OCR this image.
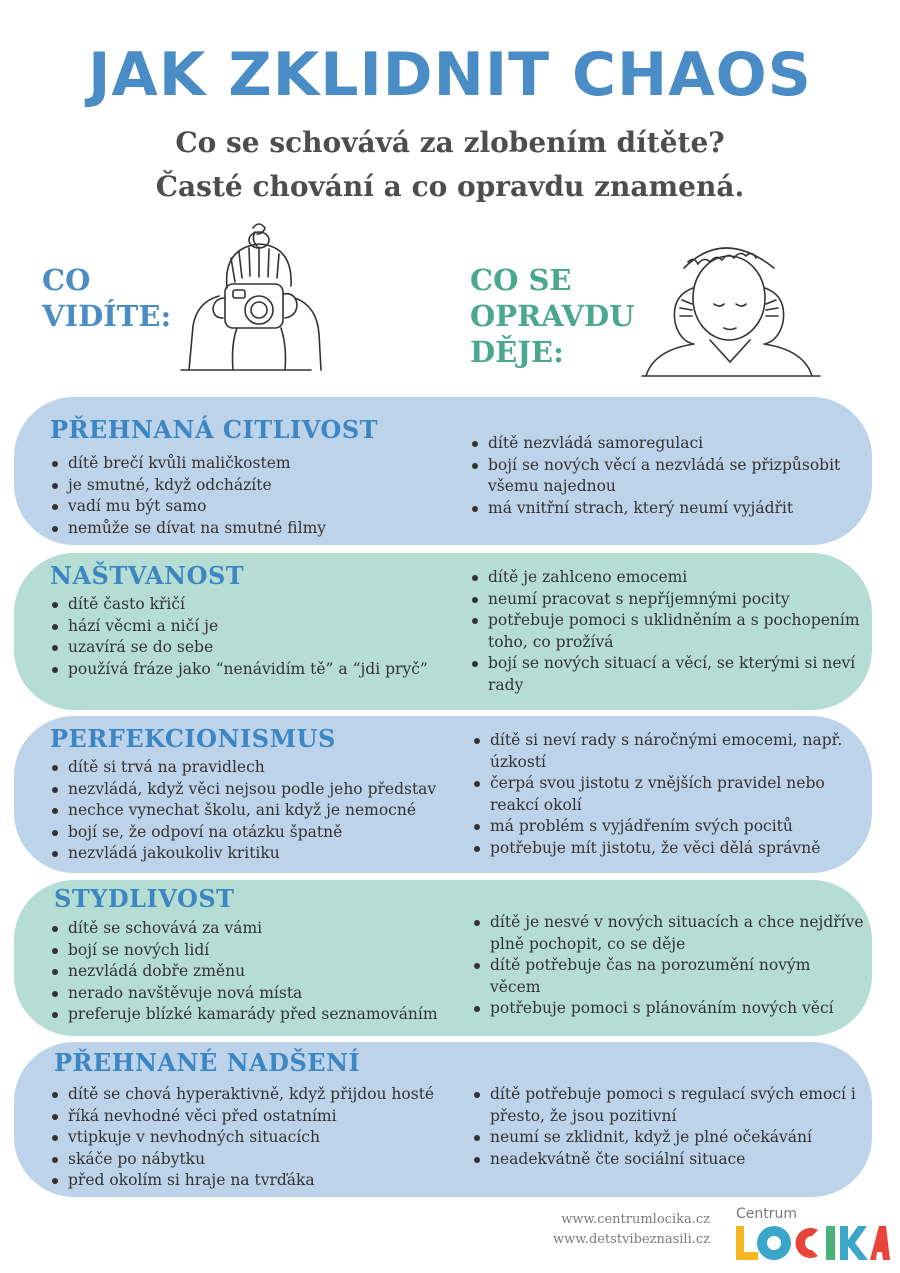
JAK ZKLIDNIT CHAOS
Co se schovává za zlobením dítěte?
Časté chování a co opravdu znamená.
CO
VIDÍTE:
CO SE
OPRAVDU
DĚJE:
PŘEHNANÁ CITLIVOST
dítě brečí kvůli maličkostem
je smutné, když odcházíte
vadí mu být samo
nemůže se dívat na smutné filmy
dítě nezvládá samoregulaci
bojí se nových věcí a nezvládá se přizpůsobit všemu najednou
má vnitřní strach, který neumí vyjádřit
NAŠTVANOST
dítě často křičí
hází věcmi a ničí je
uzavírá se do sebe
používá fráze jako “nenávidím tě” a “jdi pryč”
dítě je zahlceno emocemi
neumí pracovat s nepříjemnými pocity
potřebuje pomoci s uklidněním a s pochopením toho, co prožívá
bojí se nových situací a věcí, se kterými si neví rady
PERFEKCIONISMUS
dítě si trvá na pravidlech
nezvládá, když věci nejsou podle jeho představ
nechce vynechat školu, ani když je nemocné
bojí se, že odpoví na otázku špatně
nezvládá jakoukoliv kritiku
dítě si neví rady s náročnými emocemi, např. úzkostí
čerpá svou jistotu z vnějších pravidel nebo reakcí okolí
má problém s vyjádřením svých pocitů
potřebuje mít jistotu, že věci dělá správně
STYDLIVOST
dítě se schovává za vámi
bojí se nových lidí
nezvládá dobře změnu
nerado navštěvuje nová místa
preferuje blízké kamarády před seznamováním
dítě je nesvé v nových situacích a chce nejdříve plně pochopit, co se děje
dítě potřebuje čas na porozumění novým věcem
potřebuje pomoci s plánováním nových věcí
PŘEHNANÉ NADŠENÍ
dítě se chová hyperaktivně, když přijdou hosté
říká nevhodné věci před ostatními
vtipkuje v nevhodných situacích
skáče po nábytku
před okolím si hraje na tvrďáka
dítě potřebuje pomoci s regulací svých emocí i přesto, že jsou pozitivní
neumí se zklidnit, když je plné očekávání
neadekvátně čte sociální situace
www.centrumlocika.cz
www.detstvibeznasili.cz
Centrum
